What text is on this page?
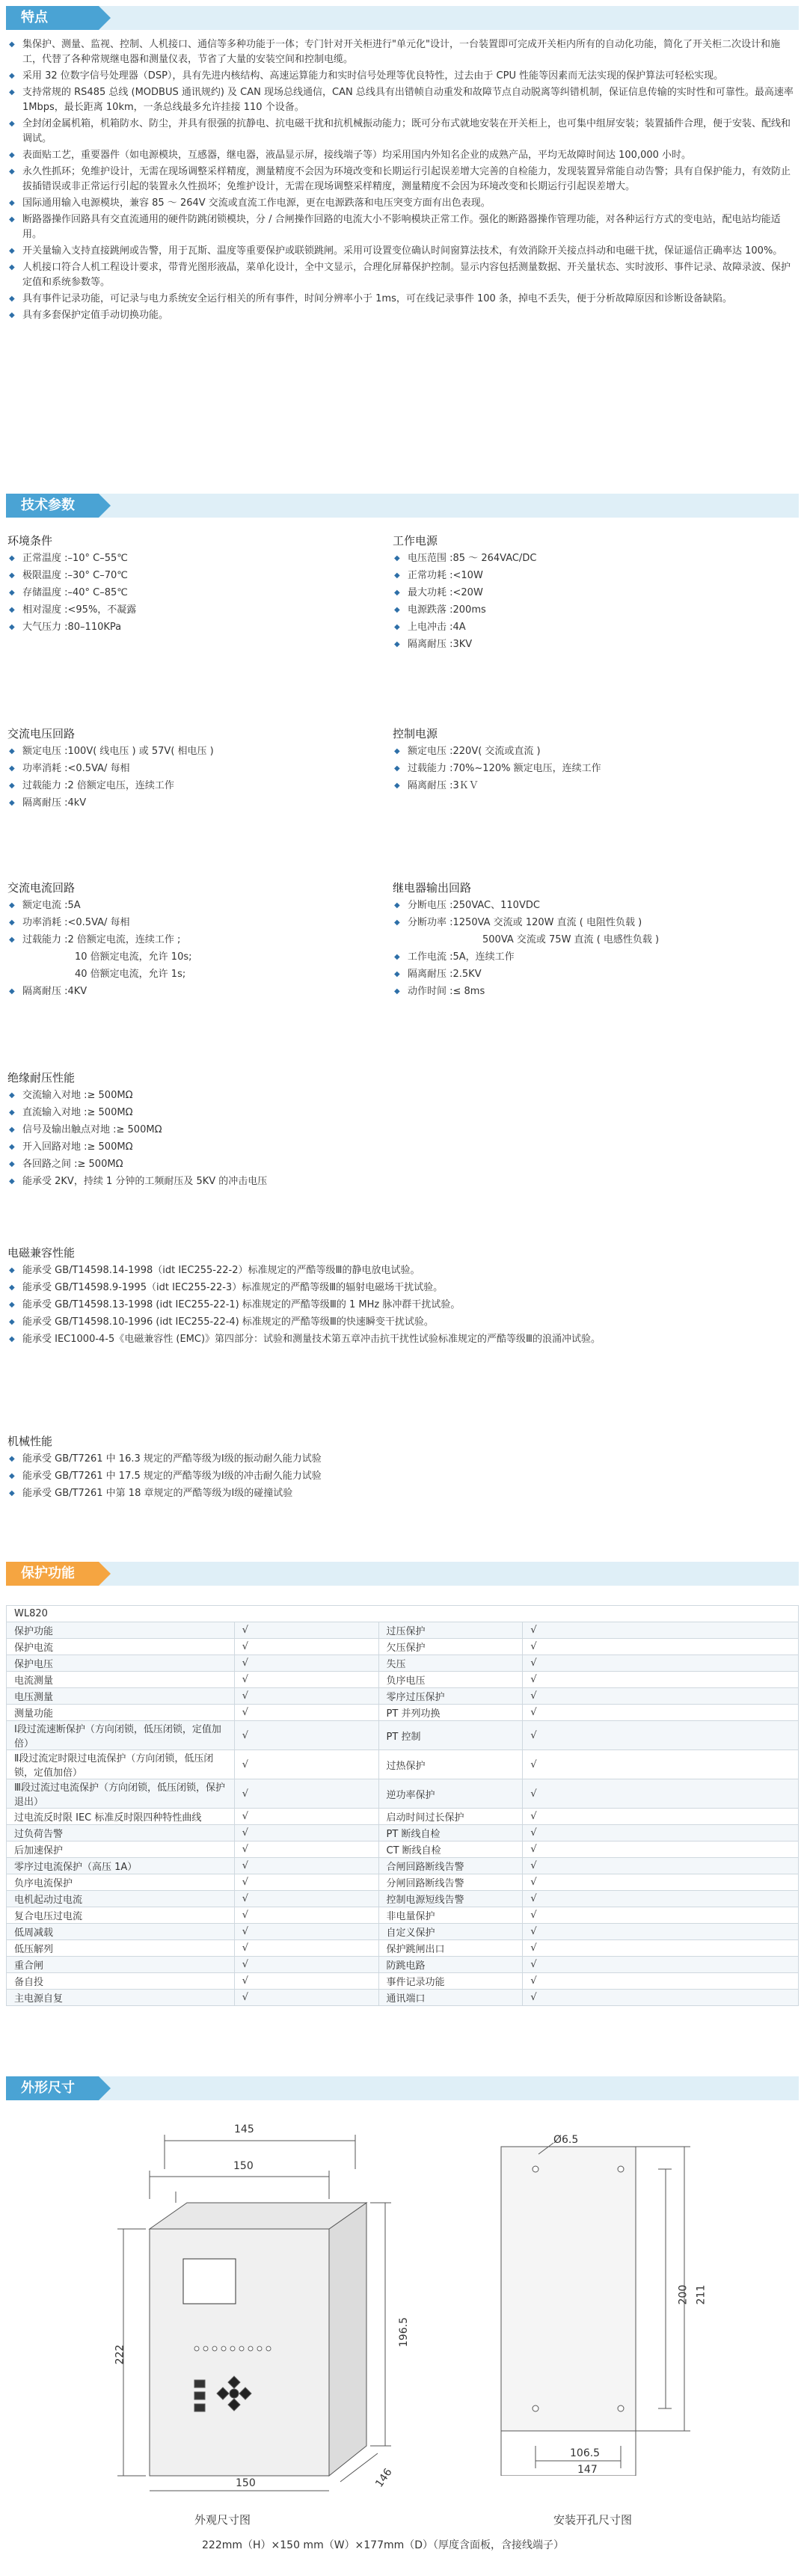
特点
◆ 集保护、测量、监视、控制、人机接口、通信等多种功能于一体；专门针对开关柜进行"单元化"设计，一台装置即可完成开关柜内所有的自动化功能，简化了开关柜二次设计和施工，代替了各种常规继电器和测量仪表，节省了大量的安装空间和控制电缆。
◆ 采用 32 位数字信号处理器（DSP），具有先进内核结构、高速运算能力和实时信号处理等优良特性，过去由于 CPU 性能等因素而无法实现的保护算法可轻松实现。
◆ 支持常规的 RS485 总线 (MODBUS 通讯规约) 及 CAN 现场总线通信，CAN 总线具有出错帧自动重发和故障节点自动脱离等纠错机制，保证信息传输的实时性和可靠性。最高速率 1Mbps，最长距离 10km，一条总线最多允许挂接 110 个设备。
◆ 全封闭金属机箱，机箱防水、防尘，并具有很强的抗静电、抗电磁干扰和抗机械振动能力；既可分布式就地安装在开关柜上，也可集中组屏安装；装置插件合理，便于安装、配线和调试。
◆ 表面贴工艺，重要器件（如电源模块，互感器，继电器，液晶显示屏，接线端子等）均采用国内外知名企业的成熟产品，平均无故障时间达 100,000 小时。
◆ 永久性抓环；免维护设计，无需在现场调整采样精度，测量精度不会因为环境改变和长期运行引起误差增大完善的自检能力，发现装置异常能自动告警；具有自保护能力，有效防止拔插错误或非正常运行引起的装置永久性损坏；免维护设计，无需在现场调整采样精度，测量精度不会因为环境改变和长期运行引起误差增大。
◆ 国际通用输入电源模块，兼容 85 ～ 264V 交流或直流工作电源，更在电源跌落和电压突变方面有出色表现。
◆ 断路器操作回路具有交直流通用的硬件防跳闭锁模块，分 / 合闸操作回路的电流大小不影响模块正常工作。强化的断路器操作管理功能，对各种运行方式的变电站，配电站均能适用。
◆ 开关量输入支持直接跳闸或告警，用于瓦斯、温度等重要保护或联锁跳闸。采用可设置变位确认时间窗算法技术，有效消除开关接点抖动和电磁干扰，保证遥信正确率达 100%。
◆ 人机接口符合人机工程设计要求，带背光图形液晶，菜单化设计，全中文显示，合理化屏幕保护控制。显示内容包括测量数据、开关量状态、实时波形、事件记录、故障录波、保护定值和系统参数等。
◆ 具有事件记录功能，可记录与电力系统安全运行相关的所有事件，时间分辨率小于 1ms，可在线记录事件 100 条，掉电不丢失，便于分析故障原因和诊断设备缺陷。
◆ 具有多套保护定值手动切换功能。
技术参数
环境条件
◆ 正常温度 :–10° C–55℃
◆ 极限温度 :–30° C–70℃
◆ 存储温度 :–40° C–85℃
◆ 相对湿度 :<95%，不凝露
◆ 大气压力 :80–110KPa
工作电源
◆ 电压范围 :85 ～ 264VAC/DC
◆ 正常功耗 :<10W
◆ 最大功耗 :<20W
◆ 电源跌落 :200ms
◆ 上电冲击 :4A
◆ 隔离耐压 :3KV
交流电压回路
◆ 额定电压 :100V( 线电压 ) 或 57V( 相电压 )
◆ 功率消耗 :<0.5VA/ 每相
◆ 过载能力 :2 倍额定电压，连续工作
◆ 隔离耐压 :4kV
控制电源
◆ 额定电压 :220V( 交流或直流 )
◆ 过载能力 :70%~120% 额定电压，连续工作
◆ 隔离耐压 :3ＫＶ
交流电流回路
◆ 额定电流 :5A
◆ 功率消耗 :<0.5VA/ 每相
◆ 过载能力 :2 倍额定电流，连续工作 ;
10 倍额定电流，允许 10s;
40 倍额定电流，允许 1s;
◆ 隔离耐压 :4KV
继电器输出回路
◆ 分断电压 :250VAC、110VDC
◆ 分断功率 :1250VA 交流或 120W 直流 ( 电阻性负载 )
500VA 交流或 75W 直流 ( 电感性负载 )
◆ 工作电流 :5A，连续工作
◆ 隔离耐压 :2.5KV
◆ 动作时间 :≤ 8ms
绝缘耐压性能
◆ 交流输入对地 :≥ 500MΩ
◆ 直流输入对地 :≥ 500MΩ
◆ 信号及输出触点对地 :≥ 500MΩ
◆ 开入回路对地 :≥ 500MΩ
◆ 各回路之间 :≥ 500MΩ
◆ 能承受 2KV，持续 1 分钟的工频耐压及 5KV 的冲击电压
电磁兼容性能
◆ 能承受 GB/T14598.14-1998（idt IEC255-22-2）标准规定的严酷等级Ⅲ的静电放电试验。
◆ 能承受 GB/T14598.9-1995（idt IEC255-22-3）标准规定的严酷等级Ⅲ的辐射电磁场干扰试验。
◆ 能承受 GB/T14598.13-1998 (idt IEC255-22-1) 标准规定的严酷等级Ⅲ的 1 MHz 脉冲群干扰试验。
◆ 能承受 GB/T14598.10-1996 (idt IEC255-22-4) 标准规定的严酷等级Ⅲ的快速瞬变干扰试验。
◆ 能承受 IEC1000-4-5《电磁兼容性 (EMC)》第四部分：试验和测量技术第五章冲击抗干扰性试验标准规定的严酷等级Ⅲ的浪涌冲试验。
机械性能
◆ 能承受 GB/T7261 中 16.3 规定的严酷等级为Ⅰ级的振动耐久能力试验
◆ 能承受 GB/T7261 中 17.5 规定的严酷等级为Ⅰ级的冲击耐久能力试验
◆ 能承受 GB/T7261 中第 18 章规定的严酷等级为Ⅰ级的碰撞试验
保护功能
WL820			
保护功能	√	过压保护	√
保护电流	√	欠压保护	√
保护电压	√	失压	√
电流测量	√	负序电压	√
电压测量	√	零序过压保护	√
测量功能	√	PT 并列功换	√
Ⅰ段过流速断保护（方向闭锁，低压闭锁，定值加倍）	√	PT 控制	√
Ⅱ段过流定时限过电流保护（方向闭锁，低压闭锁，定值加倍）	√	过热保护	√
Ⅲ段过流过电流保护（方向闭锁，低压闭锁，保护退出）	√	逆功率保护	√
过电流反时限 IEC 标准反时限四种特性曲线	√	启动时间过长保护	√
过负荷告警	√	PT 断线自检	√
后加速保护	√	CT 断线自检	√
零序过电流保护（高压 1A）	√	合闸回路断线告警	√
负序电流保护	√	分闸回路断线告警	√
电机起动过电流	√	控制电源短线告警	√
复合电压过电流	√	非电量保护	√
低周减载	√	自定义保护	√
低压解列	√	保护跳闸出口	√
重合闸	√	防跳电路	√
备自投	√	事件记录功能	√
主电源自复	√	通讯端口	√
外形尺寸
145
150
196.5
222
146
150
Ø6.5
200 211
106.5
147
外观尺寸图	安装开孔尺寸图
222mm（H）×150 mm（W）×177mm（D）（厚度含面板，含接线端子）
